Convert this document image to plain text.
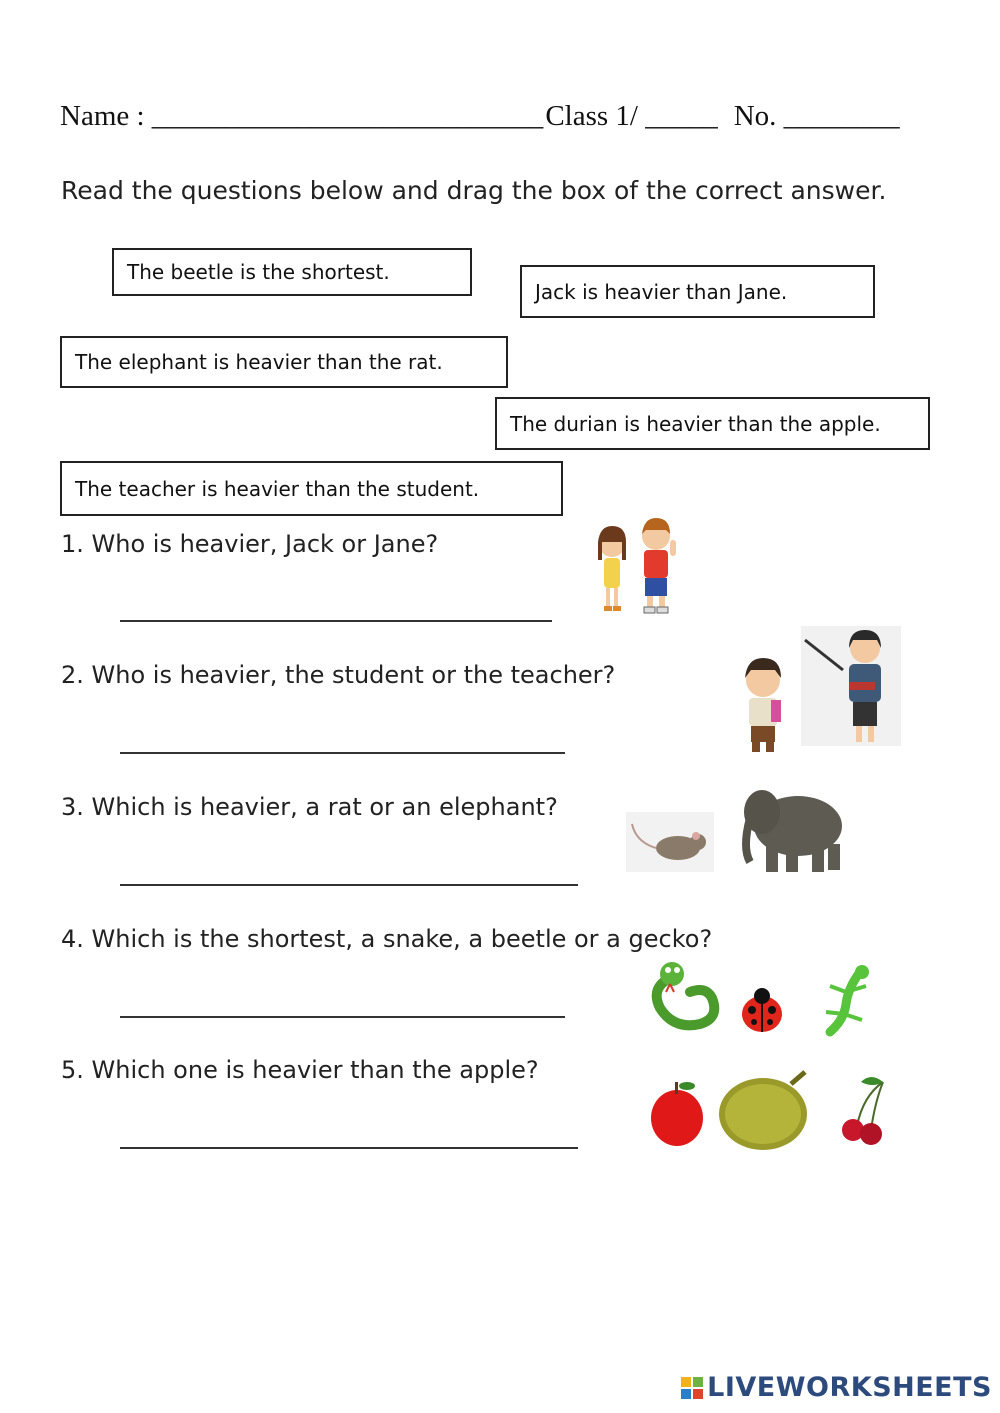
Name : ___________________________Class 1/ _____ No. ________
Read the questions below and drag the box of the correct answer.
The beetle is the shortest.
Jack is heavier than Jane.
The elephant is heavier than the rat.
The durian is heavier than the apple.
The teacher is heavier than the student.
1. Who is heavier, Jack or Jane?
2. Who is heavier, the student or the teacher?
3. Which is heavier, a rat or an elephant?
4. Which is the shortest, a snake, a beetle or a gecko?
5. Which one is heavier than the apple?
LIVEWORKSHEETS
